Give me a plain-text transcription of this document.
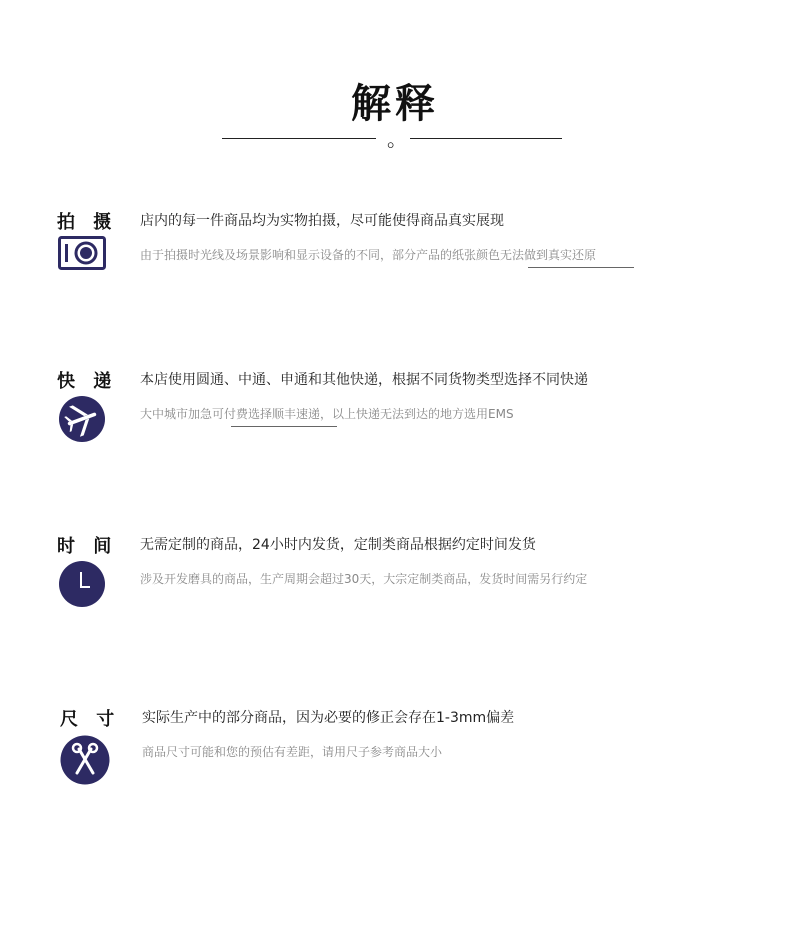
解释
。
拍 摄 店内的每一件商品均为实物拍摄，尽可能使得商品真实展现
由于拍摄时光线及场景影响和显示设备的不同，部分产品的纸张颜色无法做到真实还原
快 递 本店使用圆通、中通、申通和其他快递，根据不同货物类型选择不同快递
大中城市加急可付费选择顺丰速递，以上快递无法到达的地方选用EMS
时 间 无需定制的商品，24小时内发货，定制类商品根据约定时间发货
涉及开发磨具的商品，生产周期会超过30天，大宗定制类商品，发货时间需另行约定
尺 寸 实际生产中的部分商品，因为必要的修正会存在1-3mm偏差
商品尺寸可能和您的预估有差距，请用尺子参考商品大小
